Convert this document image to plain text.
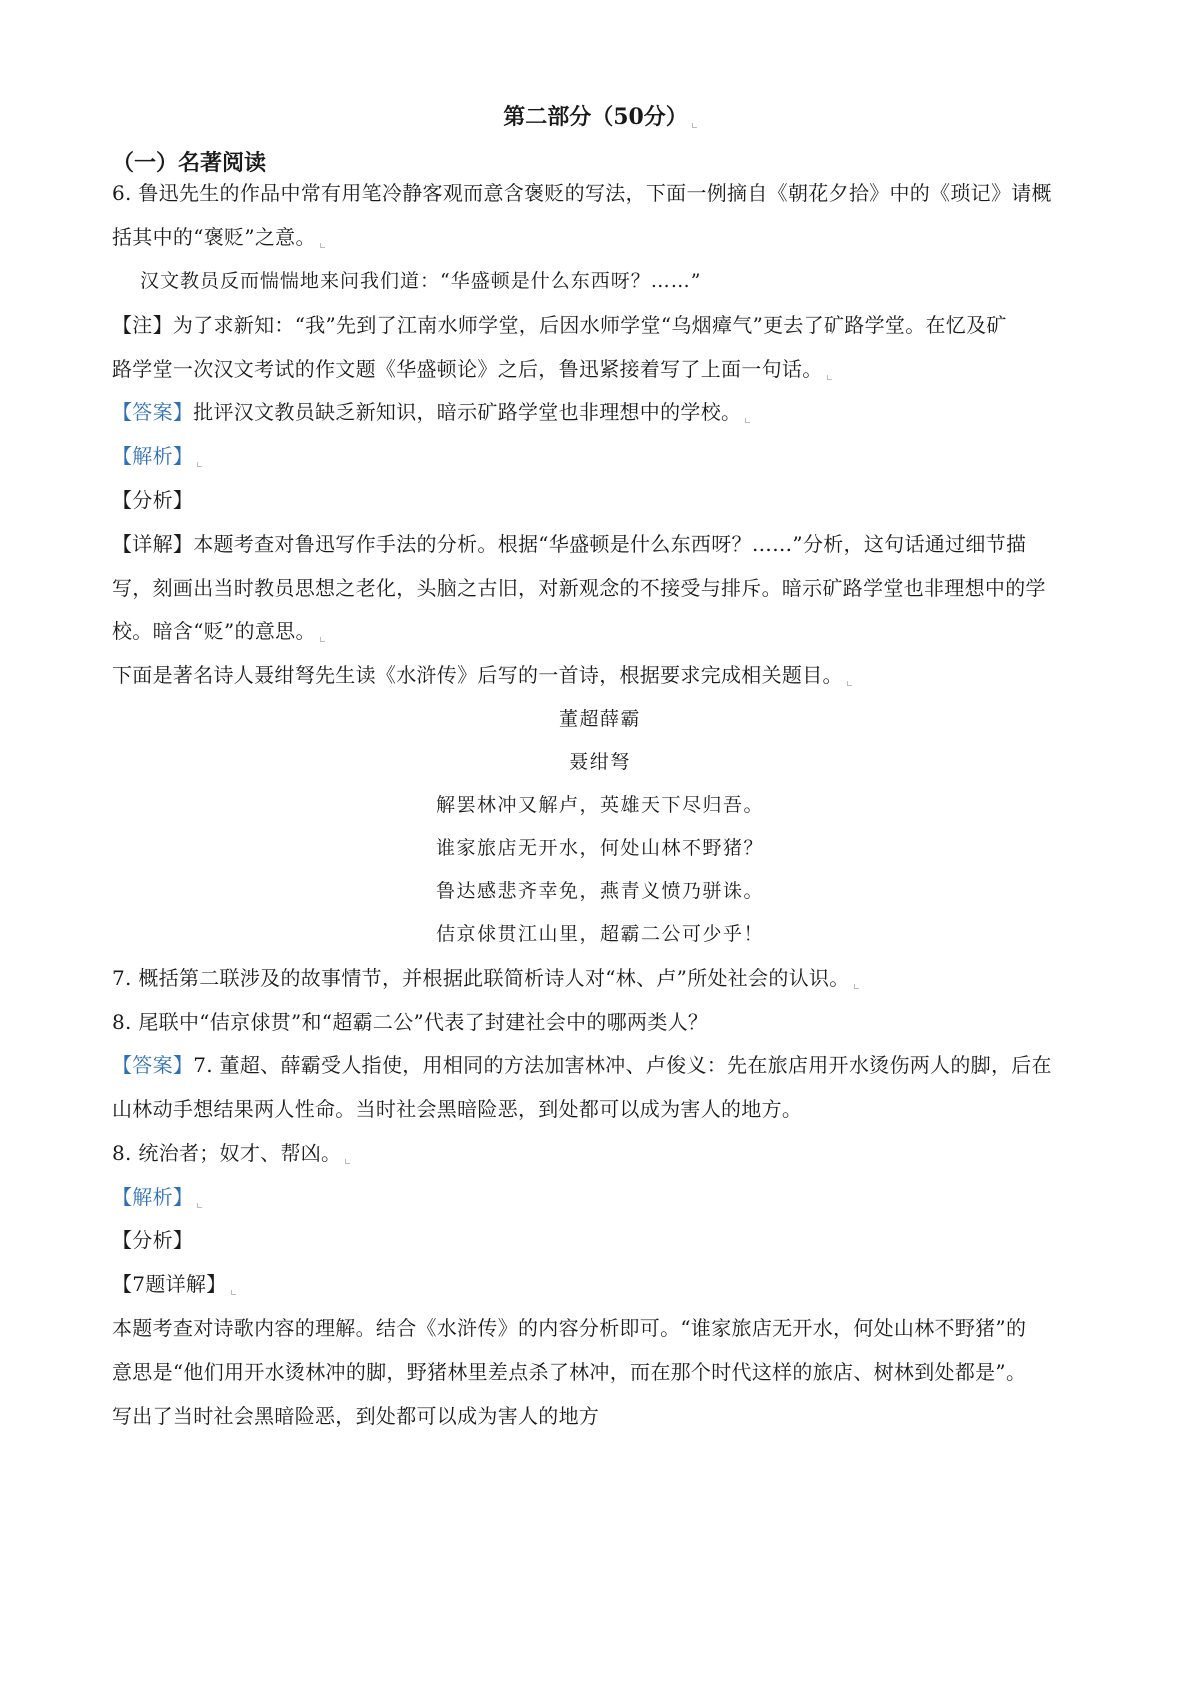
第二部分（50分）
（一）名著阅读
6. 鲁迅先生的作品中常有用笔冷静客观而意含褒贬的写法，下面一例摘自《朝花夕拾》中的《琐记》请概
括其中的“褒贬”之意。
汉文教员反而惴惴地来问我们道：“华盛顿是什么东西呀？……”
【注】为了求新知：“我”先到了江南水师学堂，后因水师学堂“乌烟瘴气”更去了矿路学堂。在忆及矿
路学堂一次汉文考试的作文题《华盛顿论》之后，鲁迅紧接着写了上面一句话。
【答案】批评汉文教员缺乏新知识，暗示矿路学堂也非理想中的学校。
【解析】
【分析】
【详解】本题考查对鲁迅写作手法的分析。根据“华盛顿是什么东西呀？……”分析，这句话通过细节描
写，刻画出当时教员思想之老化，头脑之古旧，对新观念的不接受与排斥。暗示矿路学堂也非理想中的学
校。暗含“贬”的意思。
下面是著名诗人聂绀弩先生读《水浒传》后写的一首诗，根据要求完成相关题目。
董超薛霸
聂绀弩
解罢林冲又解卢，英雄天下尽归吾。
谁家旅店无开水，何处山林不野猪？
鲁达感悲齐幸免，燕青义愤乃骈诛。
佶京俅贯江山里，超霸二公可少乎！
7. 概括第二联涉及的故事情节，并根据此联简析诗人对“林、卢”所处社会的认识。
8. 尾联中“佶京俅贯”和“超霸二公”代表了封建社会中的哪两类人？
【答案】7. 董超、薛霸受人指使，用相同的方法加害林冲、卢俊义：先在旅店用开水烫伤两人的脚，后在
山林动手想结果两人性命。当时社会黑暗险恶，到处都可以成为害人的地方。
8. 统治者；奴才、帮凶。
【解析】
【分析】
【7题详解】
本题考查对诗歌内容的理解。结合《水浒传》的内容分析即可。“谁家旅店无开水，何处山林不野猪”的
意思是“他们用开水烫林冲的脚，野猪林里差点杀了林冲，而在那个时代这样的旅店、树林到处都是”。
写出了当时社会黑暗险恶，到处都可以成为害人的地方
